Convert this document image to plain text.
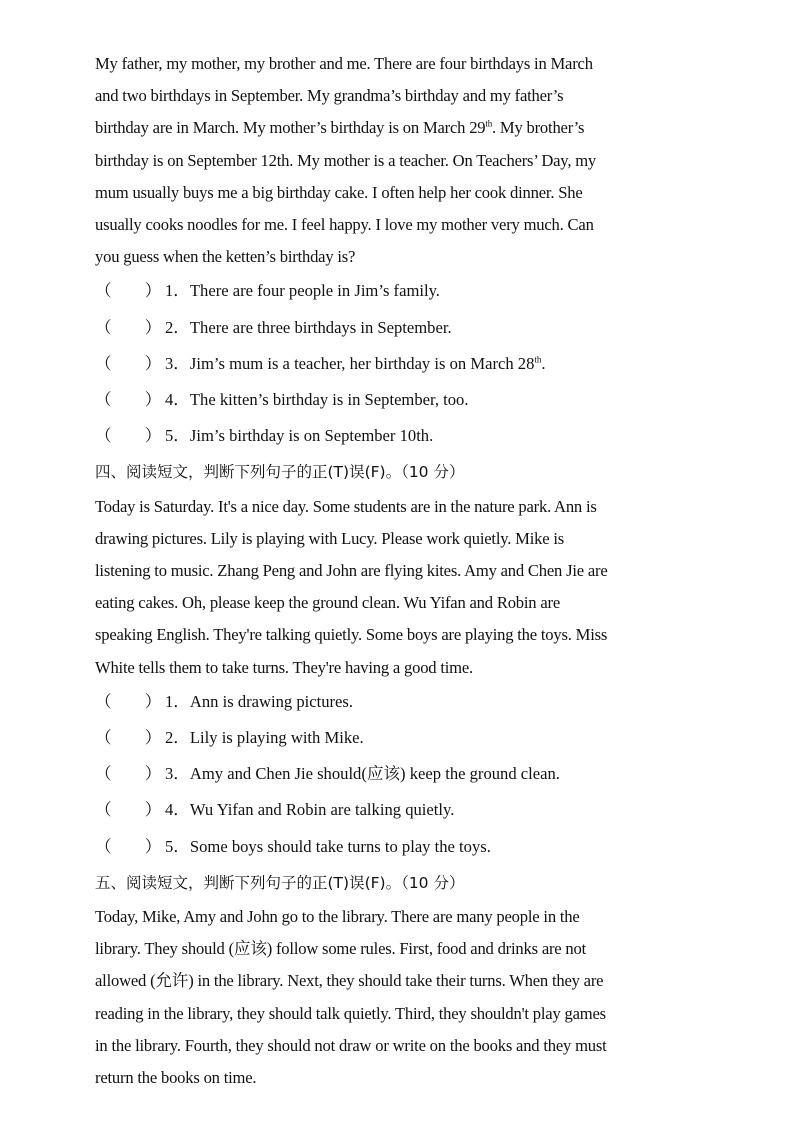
My father, my mother, my brother and me. There are four birthdays in March

and two birthdays in September. My grandma’s birthday and my father’s

birthday are in March. My mother’s birthday is on March 29th. My brother’s

birthday is on September 12th. My mother is a teacher. On Teachers’ Day, my

mum usually buys me a big birthday cake. I often help her cook dinner. She

usually cooks noodles for me. I feel happy. I love my mother very much. Can

you guess when the ketten’s birthday is?

（　　） 1．There are four people in Jim’s family.

（　　） 2．There are three birthdays in September.

（　　） 3．Jim’s mum is a teacher, her birthday is on March 28th.

（　　） 4．The kitten’s birthday is in September, too.

（　　） 5．Jim’s birthday is on September 10th.

四、阅读短文，判断下列句子的正(T)误(F)。（10 分）

Today is Saturday. It's a nice day. Some students are in the nature park. Ann is

drawing pictures. Lily is playing with Lucy. Please work quietly. Mike is

listening to music. Zhang Peng and John are flying kites. Amy and Chen Jie are

eating cakes. Oh, please keep the ground clean. Wu Yifan and Robin are

speaking English. They're talking quietly. Some boys are playing the toys. Miss

White tells them to take turns. They're having a good time.

（　　） 1．Ann is drawing pictures.

（　　） 2．Lily is playing with Mike.

（　　） 3．Amy and Chen Jie should(应该) keep the ground clean.

（　　） 4．Wu Yifan and Robin are talking quietly.

（　　） 5．Some boys should take turns to play the toys.

五、阅读短文，判断下列句子的正(T)误(F)。（10 分）

Today, Mike, Amy and John go to the library. There are many people in the

library. They should (应该) follow some rules. First, food and drinks are not

allowed (允许) in the library. Next, they should take their turns. When they are

reading in the library, they should talk quietly. Third, they shouldn't play games

in the library. Fourth, they should not draw or write on the books and they must

return the books on time.
